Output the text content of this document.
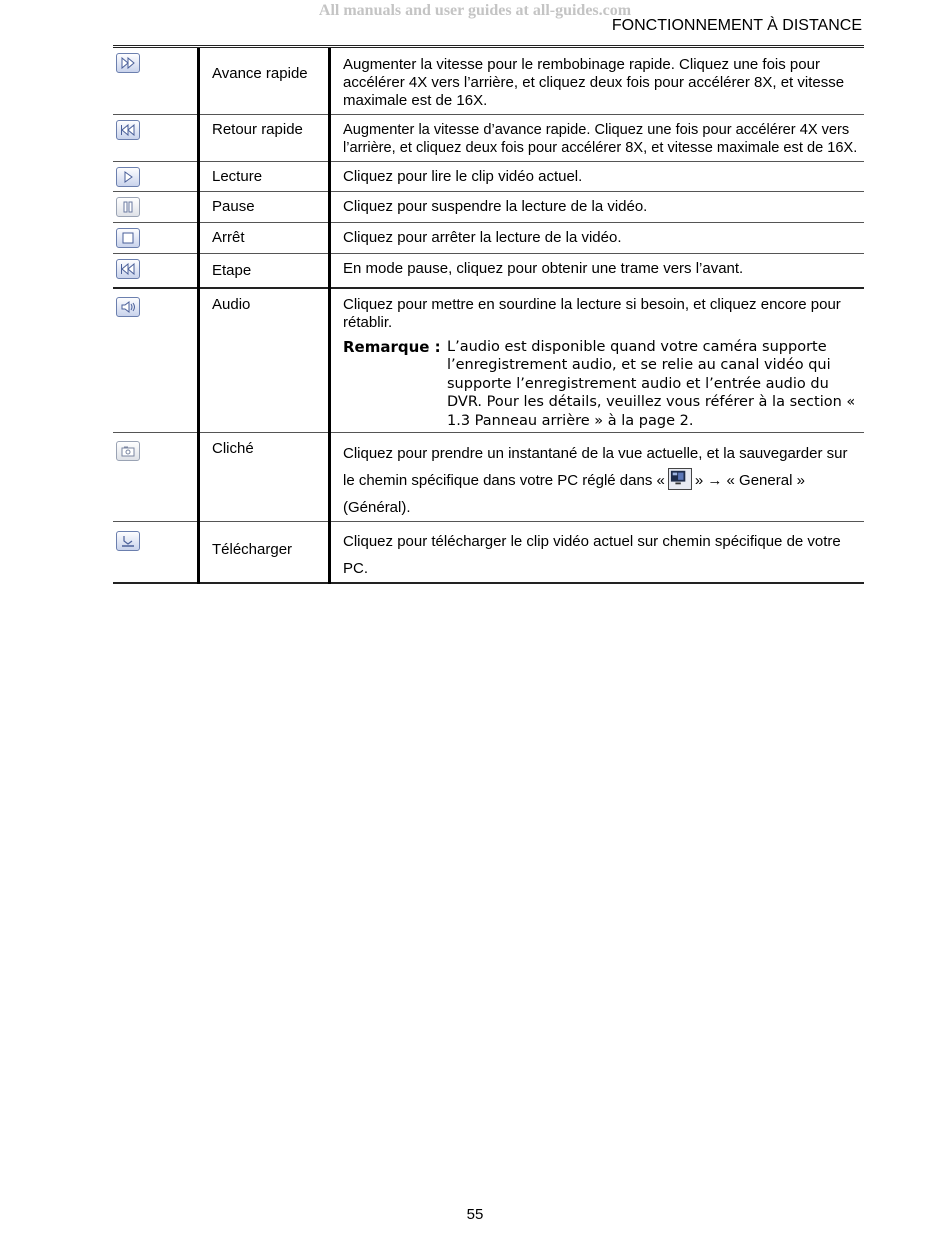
All manuals and user guides at all-guides.com
FONCTIONNEMENT À DISTANCE

Avance rapide	Augmenter la vitesse pour le rembobinage rapide. Cliquez une fois pour accélérer 4X vers l’arrière, et cliquez deux fois pour accélérer 8X, et vitesse maximale est de 16X.

Retour rapide	Augmenter la vitesse d’avance rapide. Cliquez une fois pour accélérer 4X vers l’arrière, et cliquez deux fois pour accélérer 8X, et vitesse maximale est de 16X.

Lecture	Cliquez pour lire le clip vidéo actuel.

Pause	Cliquez pour suspendre la lecture de la vidéo.

Arrêt	Cliquez pour arrêter la lecture de la vidéo.

Etape	En mode pause, cliquez pour obtenir une trame vers l’avant.

Audio	Cliquez pour mettre en sourdine la lecture si besoin, et cliquez encore pour rétablir.
Remarque : L’audio est disponible quand votre caméra supporte l’enregistrement audio, et se relie au canal vidéo qui supporte l’enregistrement audio et l’entrée audio du DVR. Pour les détails, veuillez vous référer à la section « 1.3 Panneau arrière » à la page 2.

Cliché	Cliquez pour prendre un instantané de la vue actuelle, et la sauvegarder sur le chemin spécifique dans votre PC réglé dans « » → « General » (Général).

Télécharger	Cliquez pour télécharger le clip vidéo actuel sur chemin spécifique de votre PC.
55
